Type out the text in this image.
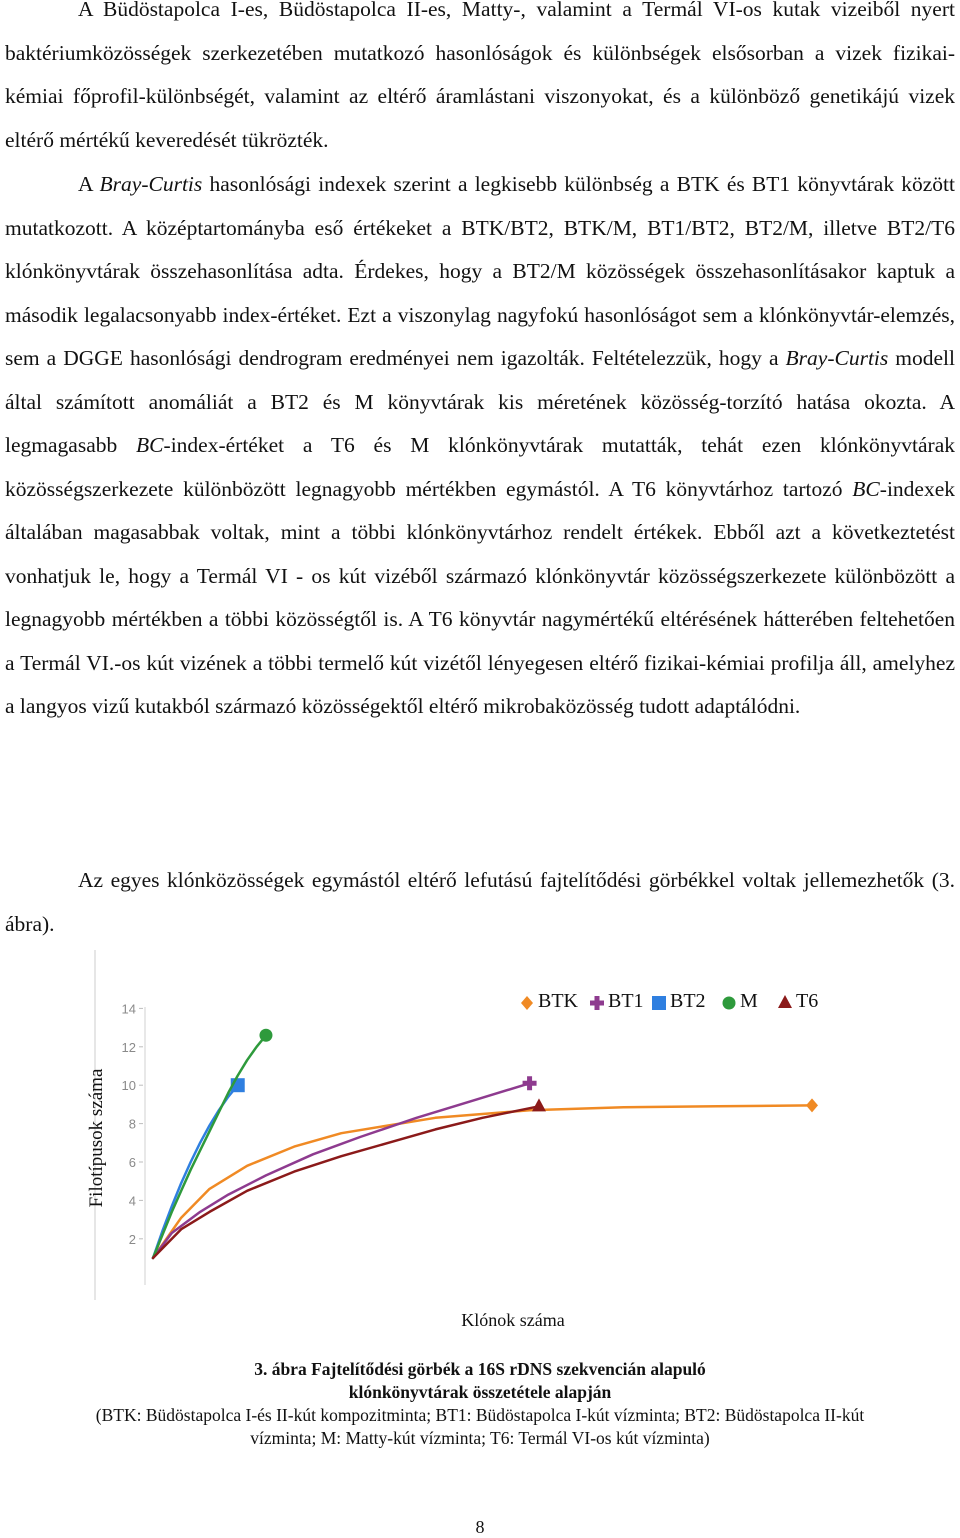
A Büdöstapolca I-es, Büdöstapolca II-es, Matty-, valamint a Termál VI-os kutak vizeiből nyert baktériumközösségek szerkezetében mutatkozó hasonlóságok és különbségek elsősorban a vizek fizikai-kémiai főprofil-különbségét, valamint az eltérő áramlástani viszonyokat, és a különböző genetikájú vizek eltérő mértékű keveredését tükrözték.

A Bray-Curtis hasonlósági indexek szerint a legkisebb különbség a BTK és BT1 könyvtárak között mutatkozott. A középtartományba eső értékeket a BTK/BT2, BTK/M, BT1/BT2, BT2/M, illetve BT2/T6 klónkönyvtárak összehasonlítása adta. Érdekes, hogy a BT2/M közösségek összehasonlításakor kaptuk a második legalacsonyabb index-értéket. Ezt a viszonylag nagyfokú hasonlóságot sem a klónkönyvtár-elemzés, sem a DGGE hasonlósági dendrogram eredményei nem igazolták. Feltételezzük, hogy a Bray-Curtis modell által számított anomáliát a BT2 és M könyvtárak kis méretének közösség-torzító hatása okozta. A legmagasabb BC-index-értéket a T6 és M klónkönyvtárak mutatták, tehát ezen klónkönyvtárak közösségszerkezete különbözött legnagyobb mértékben egymástól. A T6 könyvtárhoz tartozó BC-indexek általában magasabbak voltak, mint a többi klónkönyvtárhoz rendelt értékek. Ebből azt a következtetést vonhatjuk le, hogy a Termál VI - os kút vizéből származó klónkönyvtár közösségszerkezete különbözött a legnagyobb mértékben a többi közösségtől is. A T6 könyvtár nagymértékű eltérésének hátterében feltehetően a Termál VI.-os kút vizének a többi termelő kút vizétől lényegesen eltérő fizikai-kémiai profilja áll, amelyhez a langyos vizű kutakból származó közösségektől eltérő mikrobaközösség tudott adaptálódni.

Az egyes klónközösségek egymástól eltérő lefutású fajtelítődési görbékkel voltak jellemezhetők (3. ábra).

2
4
6
8
10
12
14
Filotípusok száma
Klónok száma
BTK BT1 BT2 M T6
3. ábra Fajtelítődési görbék a 16S rDNS szekvencián alapuló
klónkönyvtárak összetétele alapján
(BTK: Büdöstapolca I-és II-kút kompozitminta; BT1: Büdöstapolca I-kút vízminta; BT2: Büdöstapolca II-kút
vízminta; M: Matty-kút vízminta; T6: Termál VI-os kút vízminta)
8
